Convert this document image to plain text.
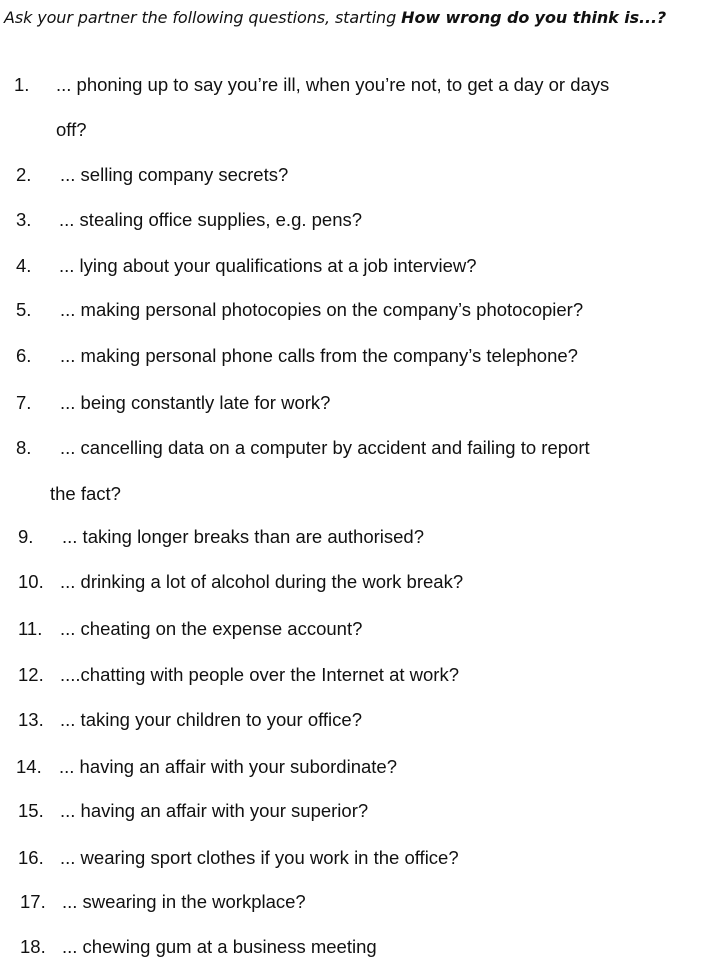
Ask your partner the following questions, starting How wrong do you think is...?
1. ... phoning up to say you’re ill, when you’re not, to get a day or days
off?
2. ... selling company secrets?
3. ... stealing office supplies, e.g. pens?
4. ... lying about your qualifications at a job interview?
5. ... making personal photocopies on the company’s photocopier?
6. ... making personal phone calls from the company’s telephone?
7. ... being constantly late for work?
8. ... cancelling data on a computer by accident and failing to report
the fact?
9. ... taking longer breaks than are authorised?
10. ... drinking a lot of alcohol during the work break?
11. ... cheating on the expense account?
12. ....chatting with people over the Internet at work?
13. ... taking your children to your office?
14. ... having an affair with your subordinate?
15. ... having an affair with your superior?
16. ... wearing sport clothes if you work in the office?
17. ... swearing in the workplace?
18. ... chewing gum at a business meeting
